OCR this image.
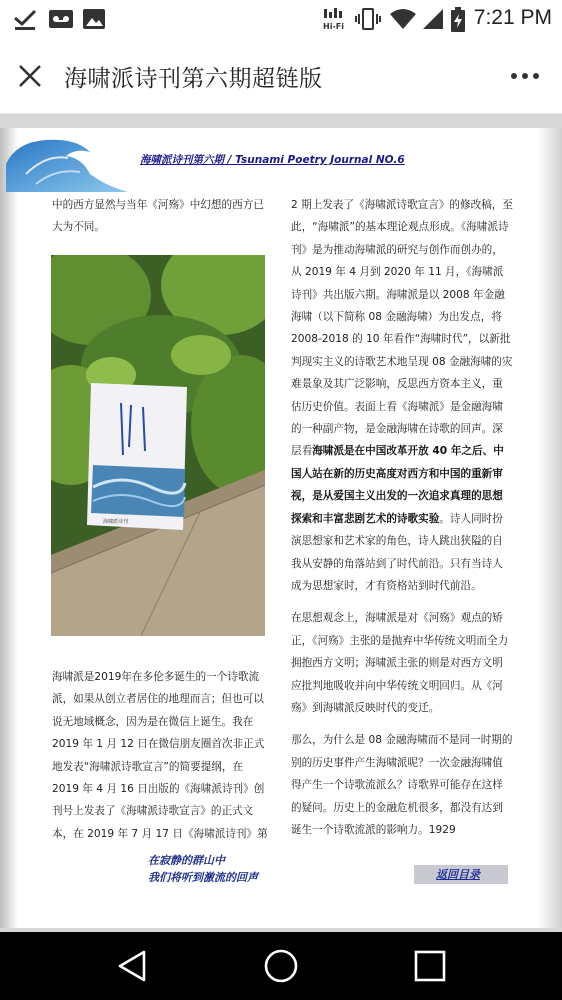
Hi-Fi	7:21 PM
海啸派诗刊第六期超链版
海啸派诗刊第六期 / Tsunami Poetry Journal NO.6

中的西方显然与当年《河殇》中幻想的西方已大为不同。

海啸派诗刊

海啸派是2019年在多伦多诞生的一个诗歌流派，如果从创立者居住的地理而言；但也可以说无地域概念，因为是在微信上诞生。我在 2019 年 1 月 12 日在微信朋友圈首次非正式地发表“海啸派诗歌宣言”的简要提纲，在 2019 年 4 月 16 日出版的《海啸派诗刊》创刊号上发表了《海啸派诗歌宣言》的正式文本，在 2019 年 7 月 17 日《海啸派诗刊》第

2 期上发表了《海啸派诗歌宣言》的修改稿，至此，“海啸派”的基本理论观点形成。《海啸派诗刊》是为推动海啸派的研究与创作而创办的，从 2019 年 4 月到 2020 年 11 月，《海啸派诗刊》共出版六期。海啸派是以 2008 年金融海啸（以下简称 08 金融海啸）为出发点，将 2008-2018 的 10 年看作“海啸时代”，以新批判现实主义的诗歌艺术地呈现 08 金融海啸的灾难景象及其广泛影响，反思西方资本主义，重估历史价值。表面上看《海啸派》是金融海啸的一种副产物，是金融海啸在诗歌的回声。深层看海啸派是在中国改革开放 40 年之后、中国人站在新的历史高度对西方和中国的重新审视，是从爱国主义出发的一次追求真理的思想探索和丰富悲剧艺术的诗歌实验。诗人同时扮演思想家和艺术家的角色，诗人跳出狭隘的自我从安静的角落站到了时代前沿。只有当诗人成为思想家时，才有资格站到时代前沿。

在思想观念上，海啸派是对《河殇》观点的矫正，《河殇》主张的是抛弃中华传统文明而全力拥抱西方文明；海啸派主张的则是对西方文明应批判地吸收并向中华传统文明回归。从《河殇》到海啸派反映时代的变迁。

那么，为什么是 08 金融海啸而不是同一时期的别的历史事件产生海啸派呢？一次金融海啸值得产生一个诗歌流派么？诗歌界可能存在这样的疑问。历史上的金融危机很多，都没有达到诞生一个诗歌流派的影响力。1929

在寂静的群山中
我们将听到激流的回声	返回目录
